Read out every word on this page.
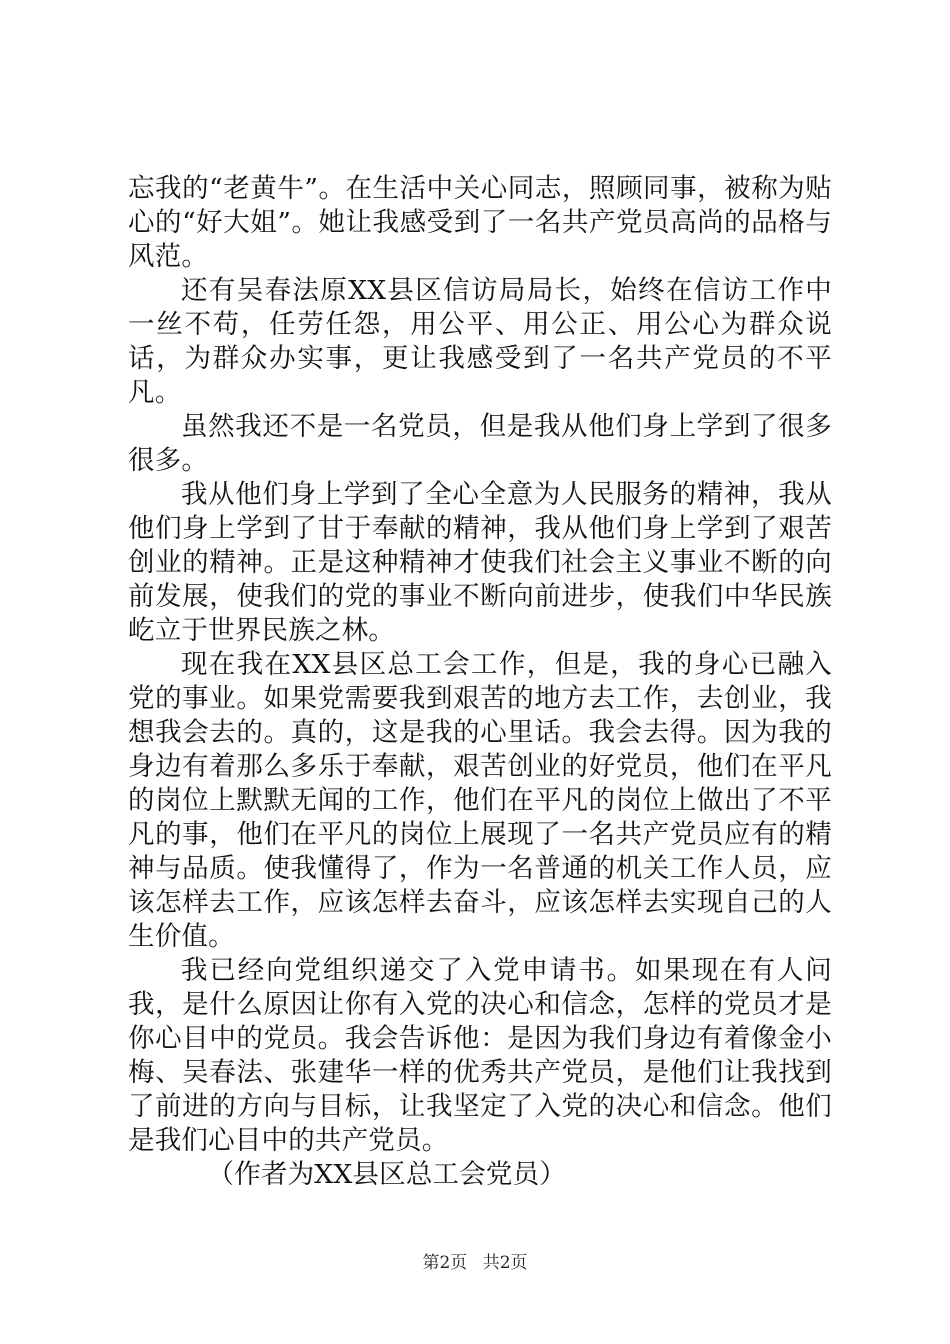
忘我的“老黄牛”。在生活中关心同志，照顾同事，被称为贴心的“好大姐”。她让我感受到了一名共产党员高尚的品格与风范。

还有吴春法原XX县区信访局局长，始终在信访工作中一丝不苟，任劳任怨，用公平、用公正、用公心为群众说话，为群众办实事，更让我感受到了一名共产党员的不平凡。

虽然我还不是一名党员，但是我从他们身上学到了很多很多。

我从他们身上学到了全心全意为人民服务的精神，我从他们身上学到了甘于奉献的精神，我从他们身上学到了艰苦创业的精神。正是这种精神才使我们社会主义事业不断的向前发展，使我们的党的事业不断向前进步，使我们中华民族屹立于世界民族之林。

现在我在XX县区总工会工作，但是，我的身心已融入党的事业。如果党需要我到艰苦的地方去工作，去创业，我想我会去的。真的，这是我的心里话。我会去得。因为我的身边有着那么多乐于奉献，艰苦创业的好党员，他们在平凡的岗位上默默无闻的工作，他们在平凡的岗位上做出了不平凡的事，他们在平凡的岗位上展现了一名共产党员应有的精神与品质。使我懂得了，作为一名普通的机关工作人员，应该怎样去工作，应该怎样去奋斗，应该怎样去实现自己的人生价值。

我已经向党组织递交了入党申请书。如果现在有人问我，是什么原因让你有入党的决心和信念，怎样的党员才是你心目中的党员。我会告诉他：是因为我们身边有着像金小梅、吴春法、张建华一样的优秀共产党员，是他们让我找到了前进的方向与目标，让我坚定了入党的决心和信念。他们是我们心目中的共产党员。

（作者为XX县区总工会党员）

第2页 共2页
